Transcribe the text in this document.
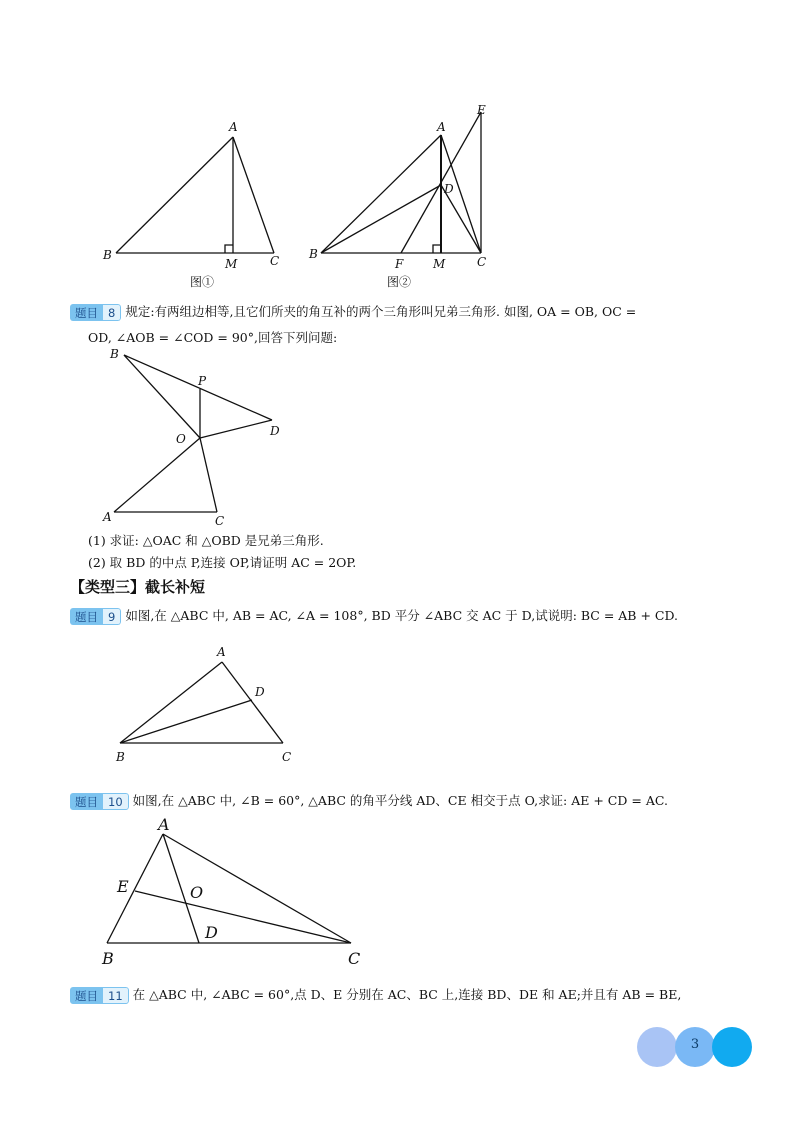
A
B
M	C
图①
A
E
D
B
F M	C
图②
题目 8 规定:有两组边相等,且它们所夹的角互补的两个三角形叫兄弟三角形. 如图, OA = OB, OC =
OD, ∠AOB = ∠COD = 90°,回答下列问题:
B
P
D
O
A	C
(1) 求证: △OAC 和 △OBD 是兄弟三角形.
(2) 取 BD 的中点 P,连接 OP,请证明 AC = 2OP.
【类型三】截长补短
题目 9 如图,在 △ABC 中, AB = AC, ∠A = 108°, BD 平分 ∠ABC 交 AC 于 D,试说明: BC = AB + CD.
A
D
B	C
题目 10 如图,在 △ABC 中, ∠B = 60°, △ABC 的角平分线 AD、CE 相交于点 O,求证: AE + CD = AC.
A
E	O
D
B	C
题目 11 在 △ABC 中, ∠ABC = 60°,点 D、E 分别在 AC、BC 上,连接 BD、DE 和 AE;并且有 AB = BE,
3
